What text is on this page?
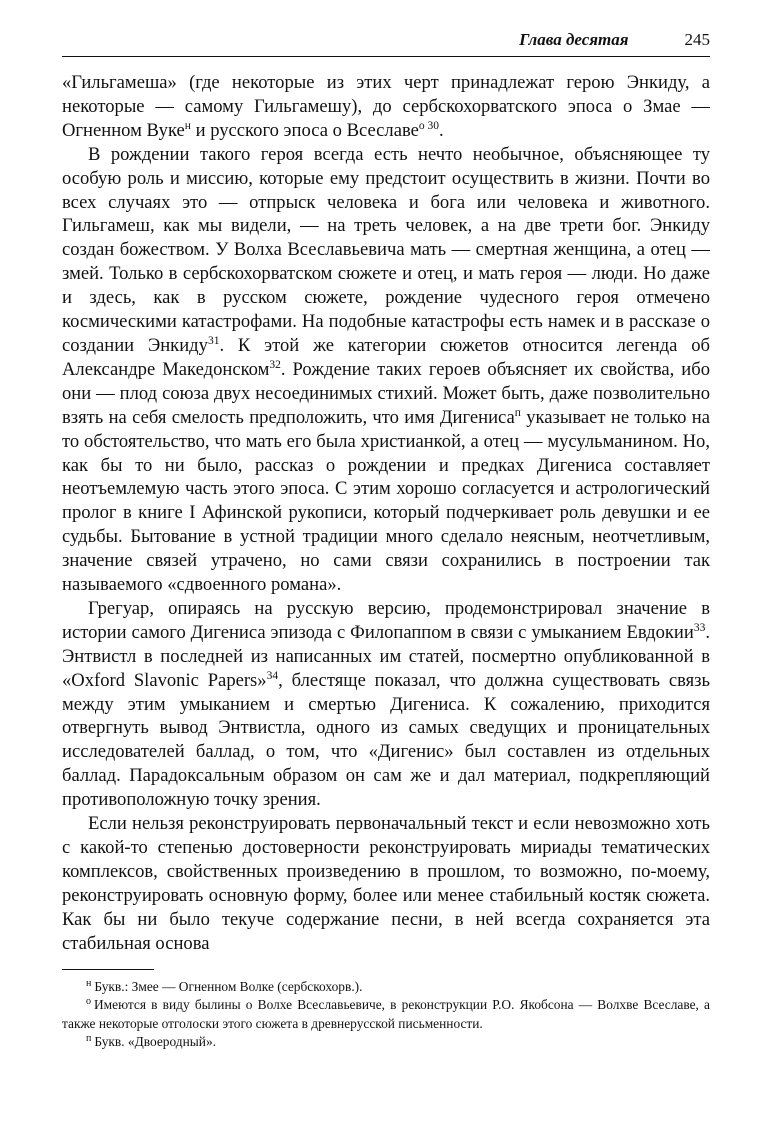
Глава десятая	245

«Гильгамеша» (где некоторые из этих черт принадлежат герою Энкиду, а некоторые — самому Гильгамешу), до сербскохорватского эпоса о Змае — Огненном Вуке$^н$ и русского эпоса о Всеславе$^{о 30}$.

В рождении такого героя всегда есть нечто необычное, объясняющее ту особую роль и миссию, которые ему предстоит осуществить в жизни. Почти во всех случаях это — отпрыск человека и бога или человека и животного. Гильгамеш, как мы видели, — на треть человек, а на две трети бог. Энкиду создан божеством. У Волха Всеславьевича мать — смертная женщина, а отец — змей. Только в сербскохорватском сюжете и отец, и мать героя — люди. Но даже и здесь, как в русском сюжете, рождение чудесного героя отмечено космическими катастрофами. На подобные катастрофы есть намек и в рассказе о создании Энкиду$^{31}$. К этой же категории сюжетов относится легенда об Александре Македонском$^{32}$. Рождение таких героев объясняет их свойства, ибо они — плод союза двух несоединимых стихий. Может быть, даже позволительно взять на себя смелость предположить, что имя Дигениса$^п$ указывает не только на то обстоятельство, что мать его была христианкой, а отец — мусульманином. Но, как бы то ни было, рассказ о рождении и предках Дигениса составляет неотъемлемую часть этого эпоса. С этим хорошо согласуется и астрологический пролог в книге I Афинской рукописи, который подчеркивает роль девушки и ее судьбы. Бытование в устной традиции много сделало неясным, неотчетливым, значение связей утрачено, но сами связи сохранились в построении так называемого «сдвоенного романа».

Грегуар, опираясь на русскую версию, продемонстрировал значение в истории самого Дигениса эпизода с Филопаппом в связи с умыканием Евдокии$^{33}$. Энтвистл в последней из написанных им статей, посмертно опубликованной в «Oxford Slavonic Papers»$^{34}$, блестяще показал, что должна существовать связь между этим умыканием и смертью Дигениса. К сожалению, приходится отвергнуть вывод Энтвистла, одного из самых сведущих и проницательных исследователей баллад, о том, что «Дигенис» был составлен из отдельных баллад. Парадоксальным образом он сам же и дал материал, подкрепляющий противоположную точку зрения.

Если нельзя реконструировать первоначальный текст и если невозможно хоть с какой-то степенью достоверности реконструировать мириады тематических комплексов, свойственных произведению в прошлом, то возможно, по-моему, реконструировать основную форму, более или менее стабильный костяк сюжета. Как бы ни было текуче содержание песни, в ней всегда сохраняется эта стабильная основа

$^н$ Букв.: Змее — Огненном Волке (сербскохорв.).

$^о$ Имеются в виду былины о Волхе Всеславьевиче, в реконструкции Р.О. Якобсона — Волхве Всеславе, а также некоторые отголоски этого сюжета в древнерусской письменности.

$^п$ Букв. «Двоеродный».
